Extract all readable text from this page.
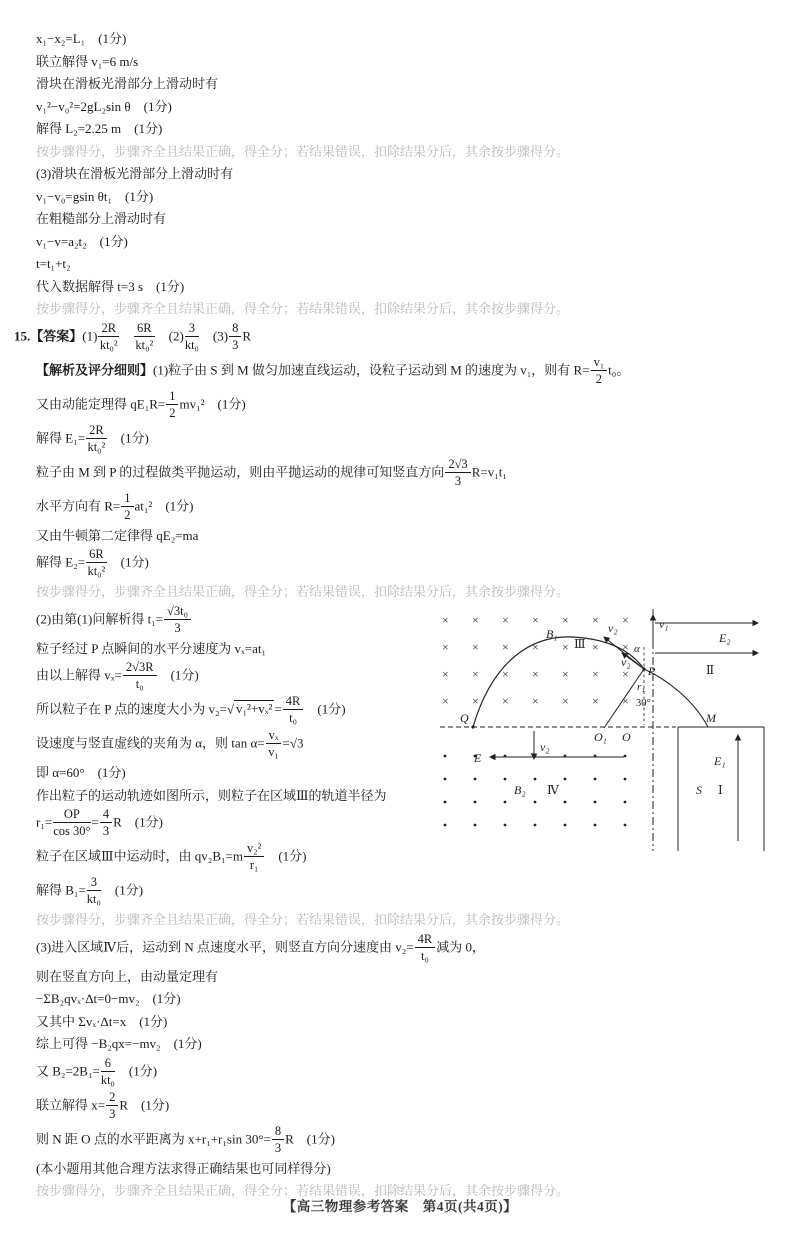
x₁−x₂=L₁　(1分)
联立解得 v₁=6 m/s
滑块在滑板光滑部分上滑动时有
v₁²−v₀²=2gL₂sin θ　(1分)
解得 L₂=2.25 m　(1分)
按步骤得分，步骤齐全且结果正确，得全分；若结果错误，扣除结果分后，其余按步骤得分。
(3)滑块在滑板光滑部分上滑动时有
v₁−v₀=gsin θt₁　(1分)
在粗糙部分上滑动时有
v₁−v=a₂t₂　(1分)
t=t₁+t₂
代入数据解得 t=3 s　(1分)
按步骤得分，步骤齐全且结果正确，得全分；若结果错误，扣除结果分后，其余按步骤得分。
15.【答案】$(1) \frac{2R}{\text{kt₀²}}$
　 $\frac{6R}{\text{kt₀²}}$ 　$(2) \frac{3}{\text{kt₀}}$ 　$(3) \frac{8}{3}$ R
【解析及评分细则】(1)粒子由 S 到 M 做匀加速直线运动，设粒子运动到 M 的速度为 v₁，则有 $R= \frac{\text{v₁}}{2} t_0$。
又由动能定理得 $qE_1R= \frac{1}{2} mv_1^2$　(1分)
解得 $E_1= \frac{2R}{\text{kt₀²}}$ 　(1分)
粒子由 M 到 P 的过程做类平抛运动，则由平抛运动的规律可知竖直方向 $\frac{2√3}{3} R=v_1t_1$
水平方向有 $R= \frac{1}{2} at_1^2$　(1分)
又由牛顿第二定律得 qE₂=ma
解得 $E_2= \frac{6R}{\text{kt₀²}}$ 　(1分)
按步骤得分，步骤齐全且结果正确，得全分；若结果错误，扣除结果分后，其余按步骤得分。
B₁
Ⅲ
v₂
v₂
v₁
α
P	Ⅱ
E₂
r₁
30°
Q
v₂
O₁ O
M
E
B₂ Ⅳ
E₁
S Ⅰ
(2)由第(1)问解析得 $t_1= \frac{\text{√3t₀}}{3}$
粒子经过 P 点瞬间的水平分速度为 vₓ=at₁
由以上解得 $v_x= \frac{2√3R}{\text{t₀}}$ 　(1分)
所以粒子在 P 点的速度大小为 v₂=√ $v_1^2+v_x^2 = \frac{4R}{\text{t₀}}$ 　(1分)
设速度与竖直虚线的夹角为 α，则 $\tan \alpha= \frac{\text{vₓ}}{\text{v₁}} =√3$
即 α=60°　(1分)
作出粒子的运动轨迹如图所示，则粒子在区域Ⅲ的轨道半径为
$r_1= \frac{OP}{\cos 30^\circ} = \frac{4}{3}$ R　(1分)
粒子在区域Ⅲ中运动时，由 $qv_2B_1=m \frac{\text{v₂²}}{\text{r₁}}$ 　(1分)
解得 $B_1= \frac{3}{\text{kt₀}}$ 　(1分)
按步骤得分，步骤齐全且结果正确，得全分；若结果错误，扣除结果分后，其余按步骤得分。
(3)进入区域Ⅳ后，运动到 N 点速度水平，则竖直方向分速度由 $v_2= \frac{4R}{\text{t₀}}$ 减为 0，
则在竖直方向上，由动量定理有
−ΣB₂qvₓ·Δt=0−mv₂　(1分)
又其中 Σvₓ·Δt=x　(1分)
综上可得 −B₂qx=−mv₂　(1分)
又 $B_2=2B_1= \frac{6}{\text{kt₀}}$ 　(1分)
联立解得 $x= \frac{2}{3}$ R　(1分)
则 N 距 O 点的水平距离为 x+r₁+r₁sin $30^\circ= \frac{8}{3}$ R　(1分)
(本小题用其他合理方法求得正确结果也可同样得分)
按步骤得分，步骤齐全且结果正确，得全分；若结果错误，扣除结果分后，其余按步骤得分。
【高三物理参考答案　第4页(共4页)】
